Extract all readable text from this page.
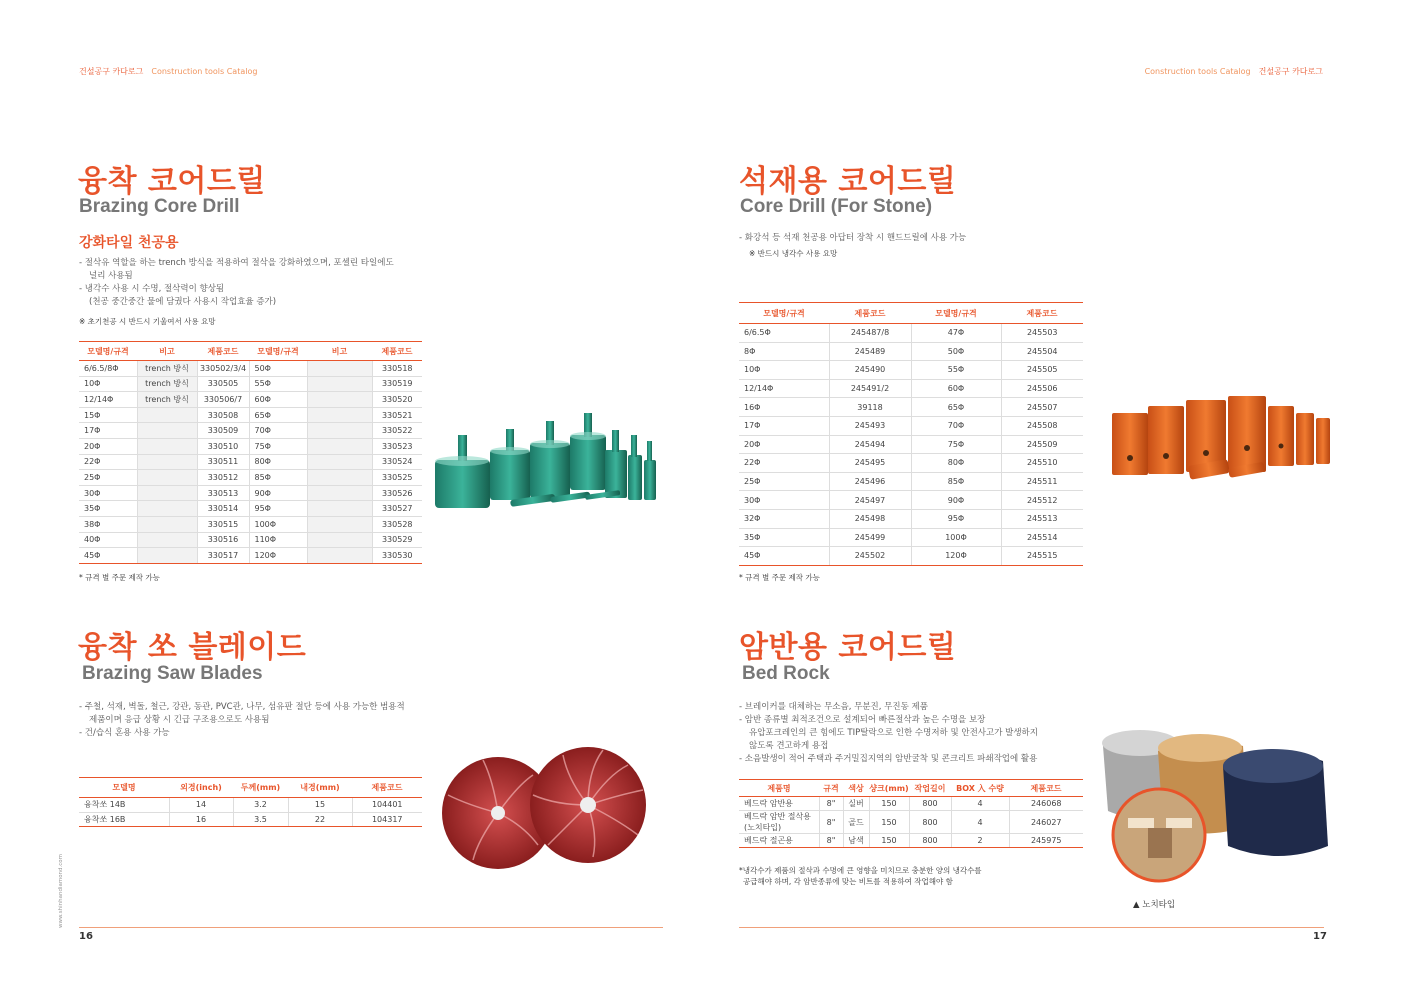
건설공구 카다로그 Construction tools Catalog	Construction tools Catalog 건설공구 카다로그
융착 코어드릴
Brazing Core Drill
강화타일 천공용

- 절삭유 역할을 하는 trench 방식을 적용하여 절삭을 강화하였으며, 포셀린 타일에도

널리 사용됨

- 냉각수 사용 시 수명, 절삭력이 향상됨

(천공 중간중간 물에 담궜다 사용시 작업효율 증가)

※ 초기천공 시 반드시 기울여서 사용 요망
모델명/규격	비고	제품코드	모델명/규격	비고	제품코드
6/6.5/8Φ	trench 방식	330502/3/4	50Φ		330518
10Φ	trench 방식	330505	55Φ		330519
12/14Φ	trench 방식	330506/7	60Φ		330520
15Φ		330508	65Φ		330521
17Φ		330509	70Φ		330522
20Φ		330510	75Φ		330523
22Φ		330511	80Φ		330524
25Φ		330512	85Φ		330525
30Φ		330513	90Φ		330526
35Φ		330514	95Φ		330527
38Φ		330515	100Φ		330528
40Φ		330516	110Φ		330529
45Φ		330517	120Φ		330530
* 규격 별 주문 제작 가능
석재용 코어드릴
Core Drill (For Stone)

- 화강석 등 석재 천공용 아답터 장착 시 핸드드릴에 사용 가능

※ 반드시 냉각수 사용 요망
모델명/규격	제품코드	모델명/규격	제품코드
6/6.5Φ	245487/8	47Φ	245503
8Φ	245489	50Φ	245504
10Φ	245490	55Φ	245505
12/14Φ	245491/2	60Φ	245506
16Φ	39118	65Φ	245507
17Φ	245493	70Φ	245508
20Φ	245494	75Φ	245509
22Φ	245495	80Φ	245510
25Φ	245496	85Φ	245511
30Φ	245497	90Φ	245512
32Φ	245498	95Φ	245513
35Φ	245499	100Φ	245514
45Φ	245502	120Φ	245515
* 규격 별 주문 제작 가능
융착 쏘 블레이드
Brazing Saw Blades

- 주철, 석재, 벽돌, 철근, 강관, 동관, PVC관, 나무, 섬유판 절단 등에 사용 가능한 범용적

제품이며 응급 상황 시 긴급 구조용으로도 사용됨

- 건/습식 혼용 사용 가능

모델명	외경(inch)	두께(mm)	내경(mm)	제품코드
융착쏘 14B	14	3.2	15	104401
융착쏘 16B	16	3.5	22	104317
암반용 코어드릴
Bed Rock

- 브레이커를 대체하는 무소음, 무분진, 무진동 제품

- 암반 종류별 최적조건으로 설계되어 빠른절삭과 높은 수명을 보장

유압포크레인의 큰 힘에도 TIP탈락으로 인한 수명저하 및 안전사고가 발생하지

않도록 견고하게 용접

- 소음발생이 적어 주택과 주거밀집지역의 암반굴착 및 콘크리트 파쇄작업에 활용

제품명	규격	색상	샹크(mm)	작업길이	BOX 入 수량	제품코드
베드락 암반용	8"	실버	150	800	4	246068
베드락 암반 절삭용
(노치타입)	8"	골드	150	800	4	246027
베드락 절곤용	8"	남색	150	800	2	245975
*냉각수가 제품의 절삭과 수명에 큰 영향을 미치므로 충분한 양의 냉각수를
공급해야 하며, 각 암반종류에 맞는 비트를 적용하여 작업해야 함
▲ 노치타입
www.shinhandiamond.com
16	17
